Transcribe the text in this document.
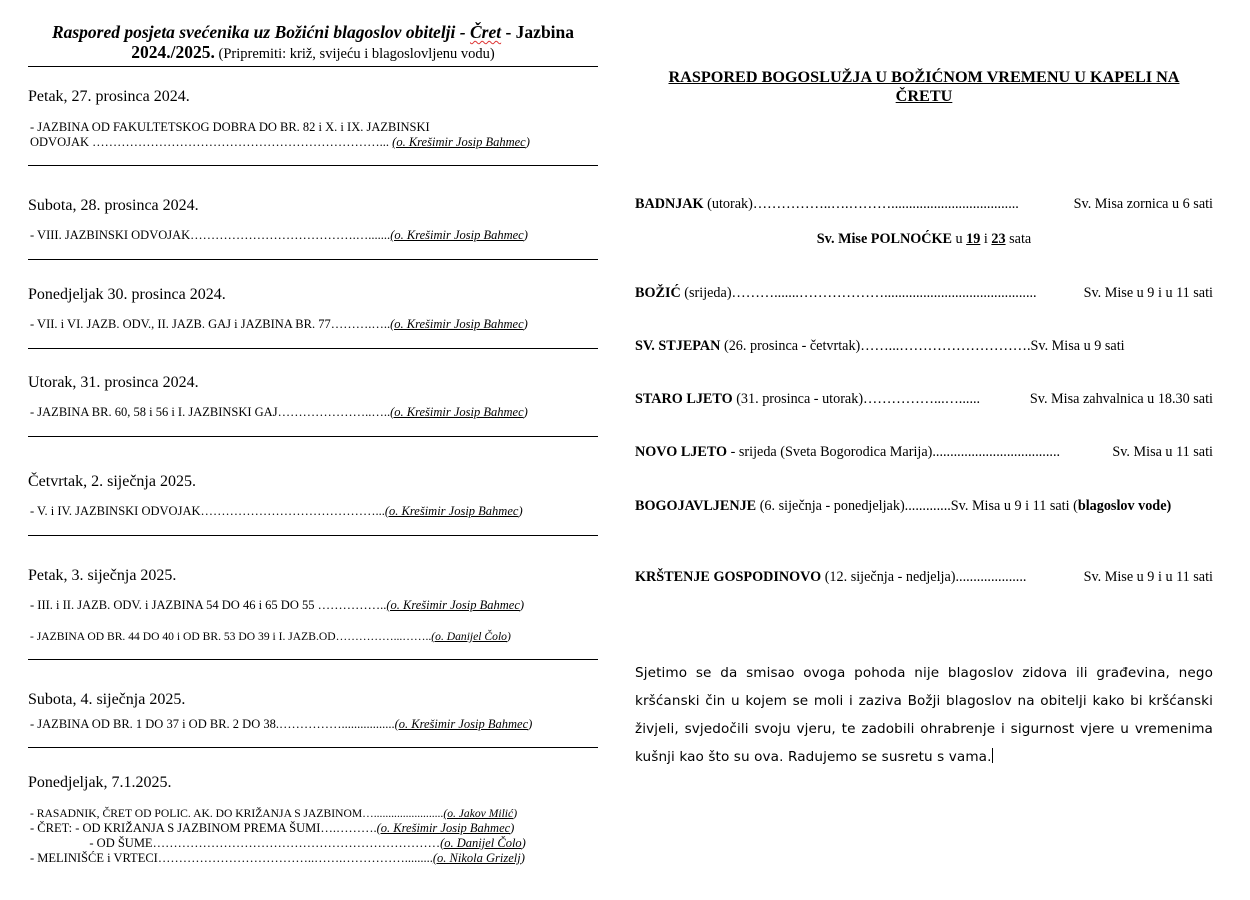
Raspored posjeta svećenika uz Božićni blagoslov obitelji - Čret - Jazbina
2024./2025. (Pripremiti: križ, svijeću i blagoslovljenu vodu)
Petak, 27. prosinca 2024.
- JAZBINA OD FAKULTETSKOG DOBRA DO BR. 82 i X. i IX. JAZBINSKI
ODVOJAK ……………………………………………………………... (o. Krešimir Josip Bahmec)
Subota, 28. prosinca 2024.
- VIII. JAZBINSKI ODVOJAK………………………………….….......(o. Krešimir Josip Bahmec)
Ponedjeljak 30. prosinca 2024.
- VII. i VI. JAZB. ODV., II. JAZB. GAJ i JAZBINA BR. 77……….…..(o. Krešimir Josip Bahmec)
Utorak, 31. prosinca 2024.
- JAZBINA BR. 60, 58 i 56 i I. JAZBINSKI GAJ…………………..…..(o. Krešimir Josip Bahmec)
Četvrtak, 2. siječnja 2025.
- V. i IV. JAZBINSKI ODVOJAK……………………………………...(o. Krešimir Josip Bahmec)
Petak, 3. siječnja 2025.
- III. i II. JAZB. ODV. i JAZBINA 54 DO 46 i 65 DO 55 ……………..(o. Krešimir Josip Bahmec)
- JAZBINA OD BR. 44 DO 40 i OD BR. 53 DO 39 i I. JAZB.OD……………...……..(o. Danijel Čolo)
Subota, 4. siječnja 2025.
- JAZBINA OD BR. 1 DO 37 i OD BR. 2 DO 38.…………….................(o. Krešimir Josip Bahmec)
Ponedjeljak, 7.1.2025.
- RASADNIK, ČRET OD POLIC. AK. DO KRIŽANJA S JAZBINOM…........................(o. Jakov Milić)
- ČRET: - OD KRIŽANJA S JAZBINOM PREMA ŠUMI….……….(o. Krešimir Josip Bahmec)
- OD ŠUME……………………………………………………………(o. Danijel Čolo)
- MELINIŠĆE i VRTECI………………………………..…….…………….........(o. Nikola Grizelj)
RASPORED BOGOSLUŽJA U BOŽIĆNOM VREMENU U KAPELI NA
ČRETU
BADNJAK (utorak)……………..….………....................................	Sv. Misa zornica u 6 sati
Sv. Mise POLNOĆKE u 19 i 23 sata
BOŽIĆ (srijeda)……….......………………...........................................	Sv. Mise u 9 i u 11 sati
SV. STJEPAN (26. prosinca - četvrtak)……...……………………….Sv. Misa u 9 sati
STARO LJETO (31. prosinca - utorak)……………...…......	Sv. Misa zahvalnica u 18.30 sati
NOVO LJETO - srijeda (Sveta Bogorodica Marija)....................................	Sv. Misa u 11 sati
BOGOJAVLJENJE (6. siječnja - ponedjeljak).............Sv. Misa u 9 i 11 sati (blagoslov vode)
KRŠTENJE GOSPODINOVO (12. siječnja - nedjelja)....................	Sv. Mise u 9 i u 11 sati
Sjetimo se da smisao ovoga pohoda nije blagoslov zidova ili građevina, nego kršćanski čin u kojem se moli i zaziva Božji blagoslov na obitelji kako bi kršćanski živjeli, svjedočili svoju vjeru, te zadobili ohrabrenje i sigurnost vjere u vremenima kušnji kao što su ova. Radujemo se susretu s vama.
